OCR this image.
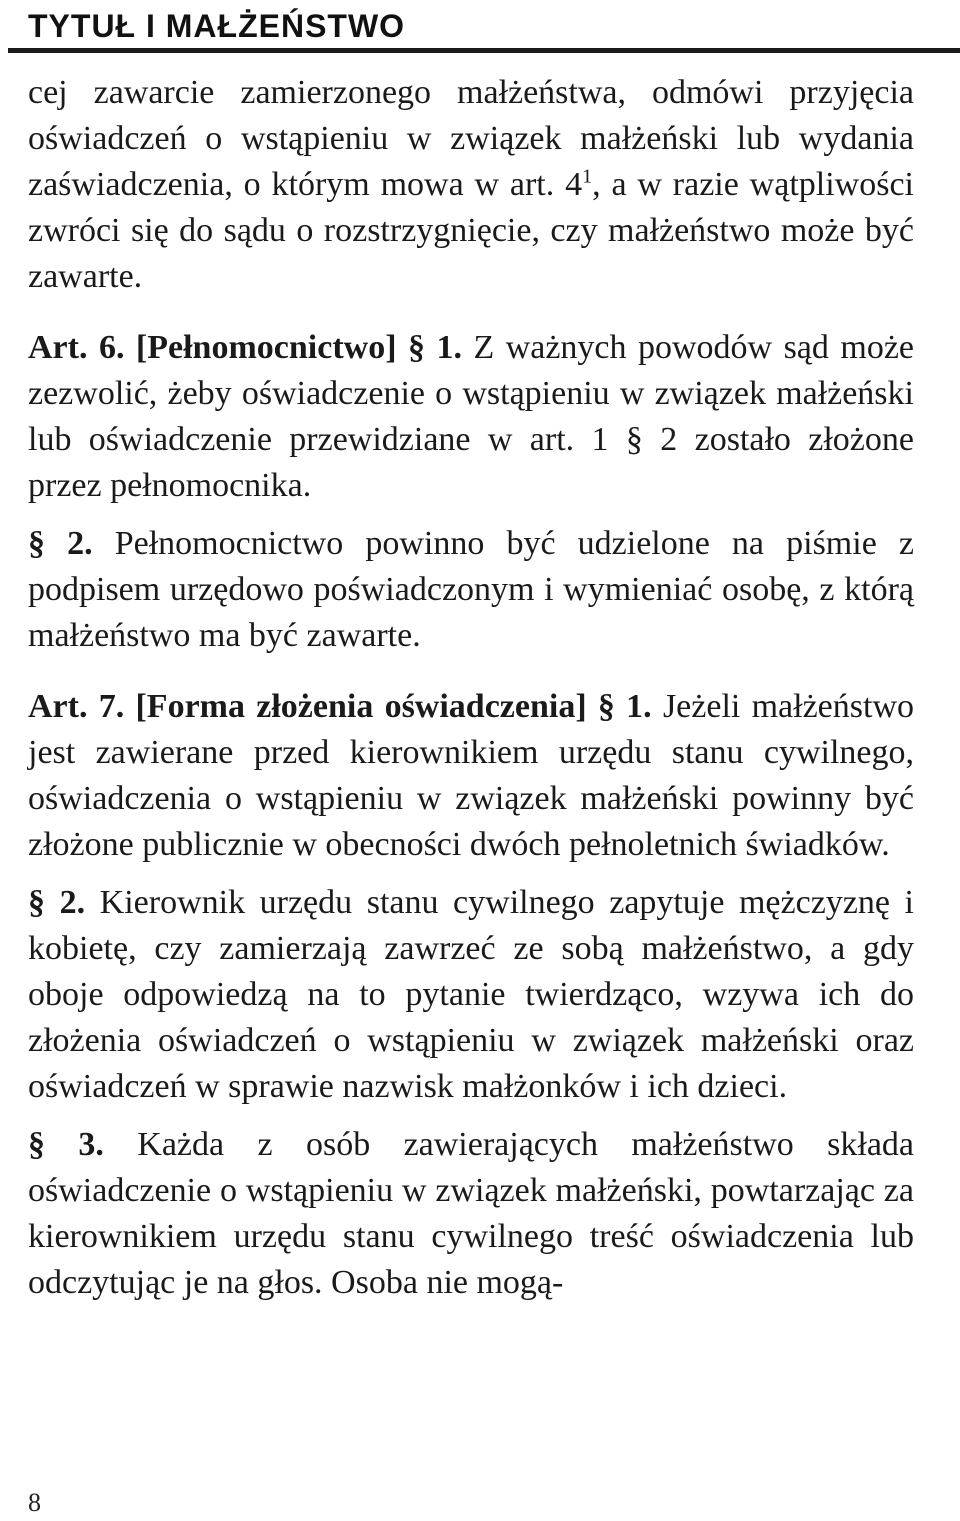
TYTUŁ I MAŁŻEŃSTWO

cej zawarcie zamierzonego małżeństwa, odmówi przyjęcia oświadczeń o wstąpieniu w związek małżeński lub wydania zaświadczenia, o którym mowa w art. $4^1$, a w razie wątpliwości zwróci się do sądu o rozstrzygnięcie, czy małżeństwo może być zawarte.

Art. 6. [Pełnomocnictwo] § 1. Z ważnych powodów sąd może zezwolić, żeby oświadczenie o wstąpieniu w związek małżeński lub oświadczenie przewidziane w art. 1 § 2 zostało złożone przez pełnomocnika.

§ 2. Pełnomocnictwo powinno być udzielone na piśmie z podpisem urzędowo poświadczonym i wymieniać osobę, z którą małżeństwo ma być zawarte.

Art. 7. [Forma złożenia oświadczenia] § 1. Jeżeli małżeństwo jest zawierane przed kierownikiem urzędu stanu cywilnego, oświadczenia o wstąpieniu w związek małżeński powinny być złożone publicznie w obecności dwóch pełnoletnich świadków.

§ 2. Kierownik urzędu stanu cywilnego zapytuje mężczyznę i kobietę, czy zamierzają zawrzeć ze sobą małżeństwo, a gdy oboje odpowiedzą na to pytanie twierdząco, wzywa ich do złożenia oświadczeń o wstąpieniu w związek małżeński oraz oświadczeń w sprawie nazwisk małżonków i ich dzieci.

§ 3. Każda z osób zawierających małżeństwo składa oświadczenie o wstąpieniu w związek małżeński, powtarzając za kierownikiem urzędu stanu cywilnego treść oświadczenia lub odczytując je na głos. Osoba nie mogą-

8
